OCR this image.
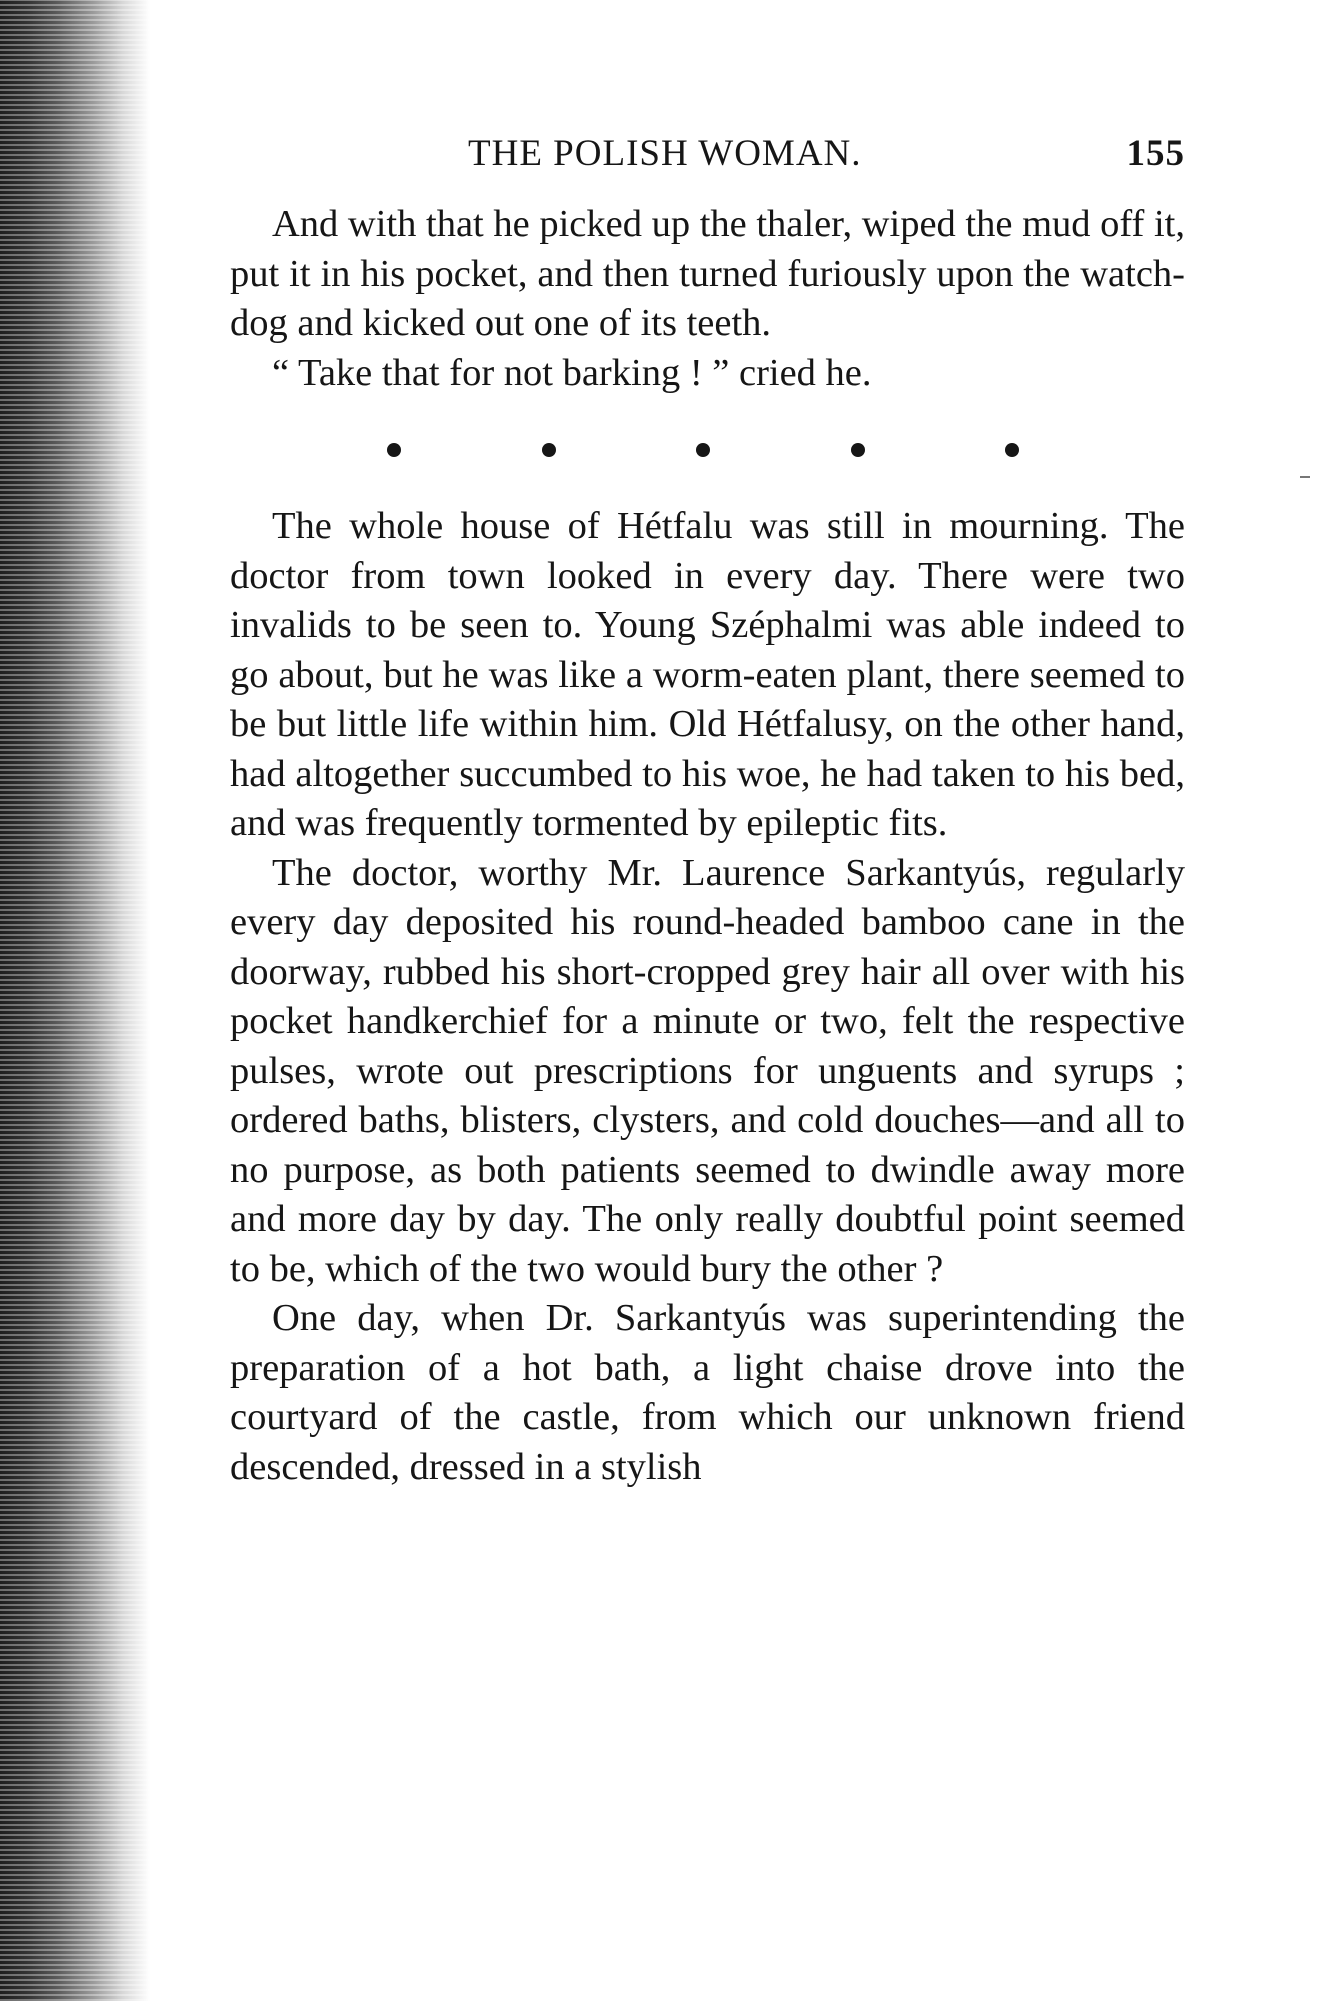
THE POLISH WOMAN.	155

And with that he picked up the thaler, wiped the mud off it, put it in his pocket, and then turned furiously upon the watch-dog and kicked out one of its teeth.

“ Take that for not barking ! ” cried he.

The whole house of Hétfalu was still in mourning. The doctor from town looked in every day. There were two invalids to be seen to. Young Széphalmi was able indeed to go about, but he was like a worm-eaten plant, there seemed to be but little life within him. Old Hétfalusy, on the other hand, had altogether succumbed to his woe, he had taken to his bed, and was frequently tormented by epileptic fits.

The doctor, worthy Mr. Laurence Sarkantyús, regularly every day deposited his round-headed bamboo cane in the doorway, rubbed his short-cropped grey hair all over with his pocket handkerchief for a minute or two, felt the respective pulses, wrote out prescriptions for unguents and syrups ; ordered baths, blisters, clysters, and cold douches—and all to no purpose, as both patients seemed to dwindle away more and more day by day. The only really doubtful point seemed to be, which of the two would bury the other ?

One day, when Dr. Sarkantyús was superintending the preparation of a hot bath, a light chaise drove into the courtyard of the castle, from which our unknown friend descended, dressed in a stylish
